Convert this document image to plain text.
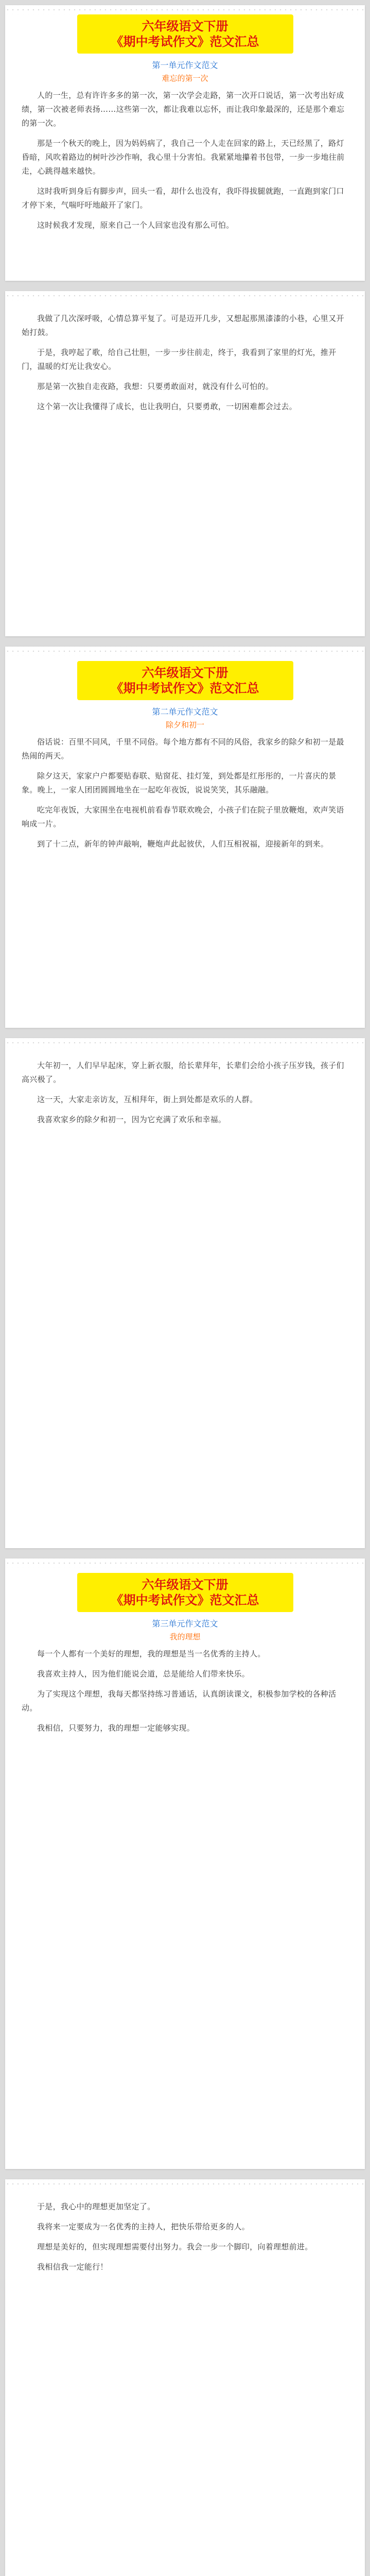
六年级语文下册
《期中考试作文》范文汇总
第一单元作文范文
难忘的第一次

人的一生，总有许许多多的第一次，第一次学会走路，第一次开口说话，第一次考出好成绩，第一次被老师表扬……这些第一次，都让我难以忘怀，而让我印象最深的，还是那个难忘的第一次。

那是一个秋天的晚上，因为妈妈病了，我自己一个人走在回家的路上，天已经黑了，路灯昏暗，风吹着路边的树叶沙沙作响，我心里十分害怕。我紧紧地攥着书包带，一步一步地往前走，心跳得越来越快。

这时我听到身后有脚步声，回头一看，却什么也没有，我吓得拔腿就跑，一直跑到家门口才停下来，气喘吁吁地敲开了家门。

这时候我才发现，原来自己一个人回家也没有那么可怕。

我做了几次深呼吸，心情总算平复了。可是迈开几步，又想起那黑漆漆的小巷，心里又开始打鼓。

于是，我哼起了歌，给自己壮胆，一步一步往前走，终于，我看到了家里的灯光，推开门，温暖的灯光让我安心。

那是第一次独自走夜路，我想：只要勇敢面对，就没有什么可怕的。

这个第一次让我懂得了成长，也让我明白，只要勇敢，一切困难都会过去。

六年级语文下册
《期中考试作文》范文汇总
第二单元作文范文
除夕和初一

俗话说：百里不同风，千里不同俗。每个地方都有不同的风俗，我家乡的除夕和初一是最热闹的两天。

除夕这天，家家户户都要贴春联、贴窗花、挂灯笼，到处都是红彤彤的，一片喜庆的景象。晚上，一家人团团圆圆地坐在一起吃年夜饭，说说笑笑，其乐融融。

吃完年夜饭，大家围坐在电视机前看春节联欢晚会，小孩子们在院子里放鞭炮，欢声笑语响成一片。

到了十二点，新年的钟声敲响，鞭炮声此起彼伏，人们互相祝福，迎接新年的到来。

大年初一，人们早早起床，穿上新衣服，给长辈拜年，长辈们会给小孩子压岁钱，孩子们高兴极了。

这一天，大家走亲访友，互相拜年，街上到处都是欢乐的人群。

我喜欢家乡的除夕和初一，因为它充满了欢乐和幸福。

六年级语文下册
《期中考试作文》范文汇总
第三单元作文范文
我的理想

每一个人都有一个美好的理想，我的理想是当一名优秀的主持人。

我喜欢主持人，因为他们能说会道，总是能给人们带来快乐。

为了实现这个理想，我每天都坚持练习普通话，认真朗读课文，积极参加学校的各种活动。

我相信，只要努力，我的理想一定能够实现。

于是，我心中的理想更加坚定了。

我将来一定要成为一名优秀的主持人，把快乐带给更多的人。

理想是美好的，但实现理想需要付出努力。我会一步一个脚印，向着理想前进。

我相信我一定能行！
